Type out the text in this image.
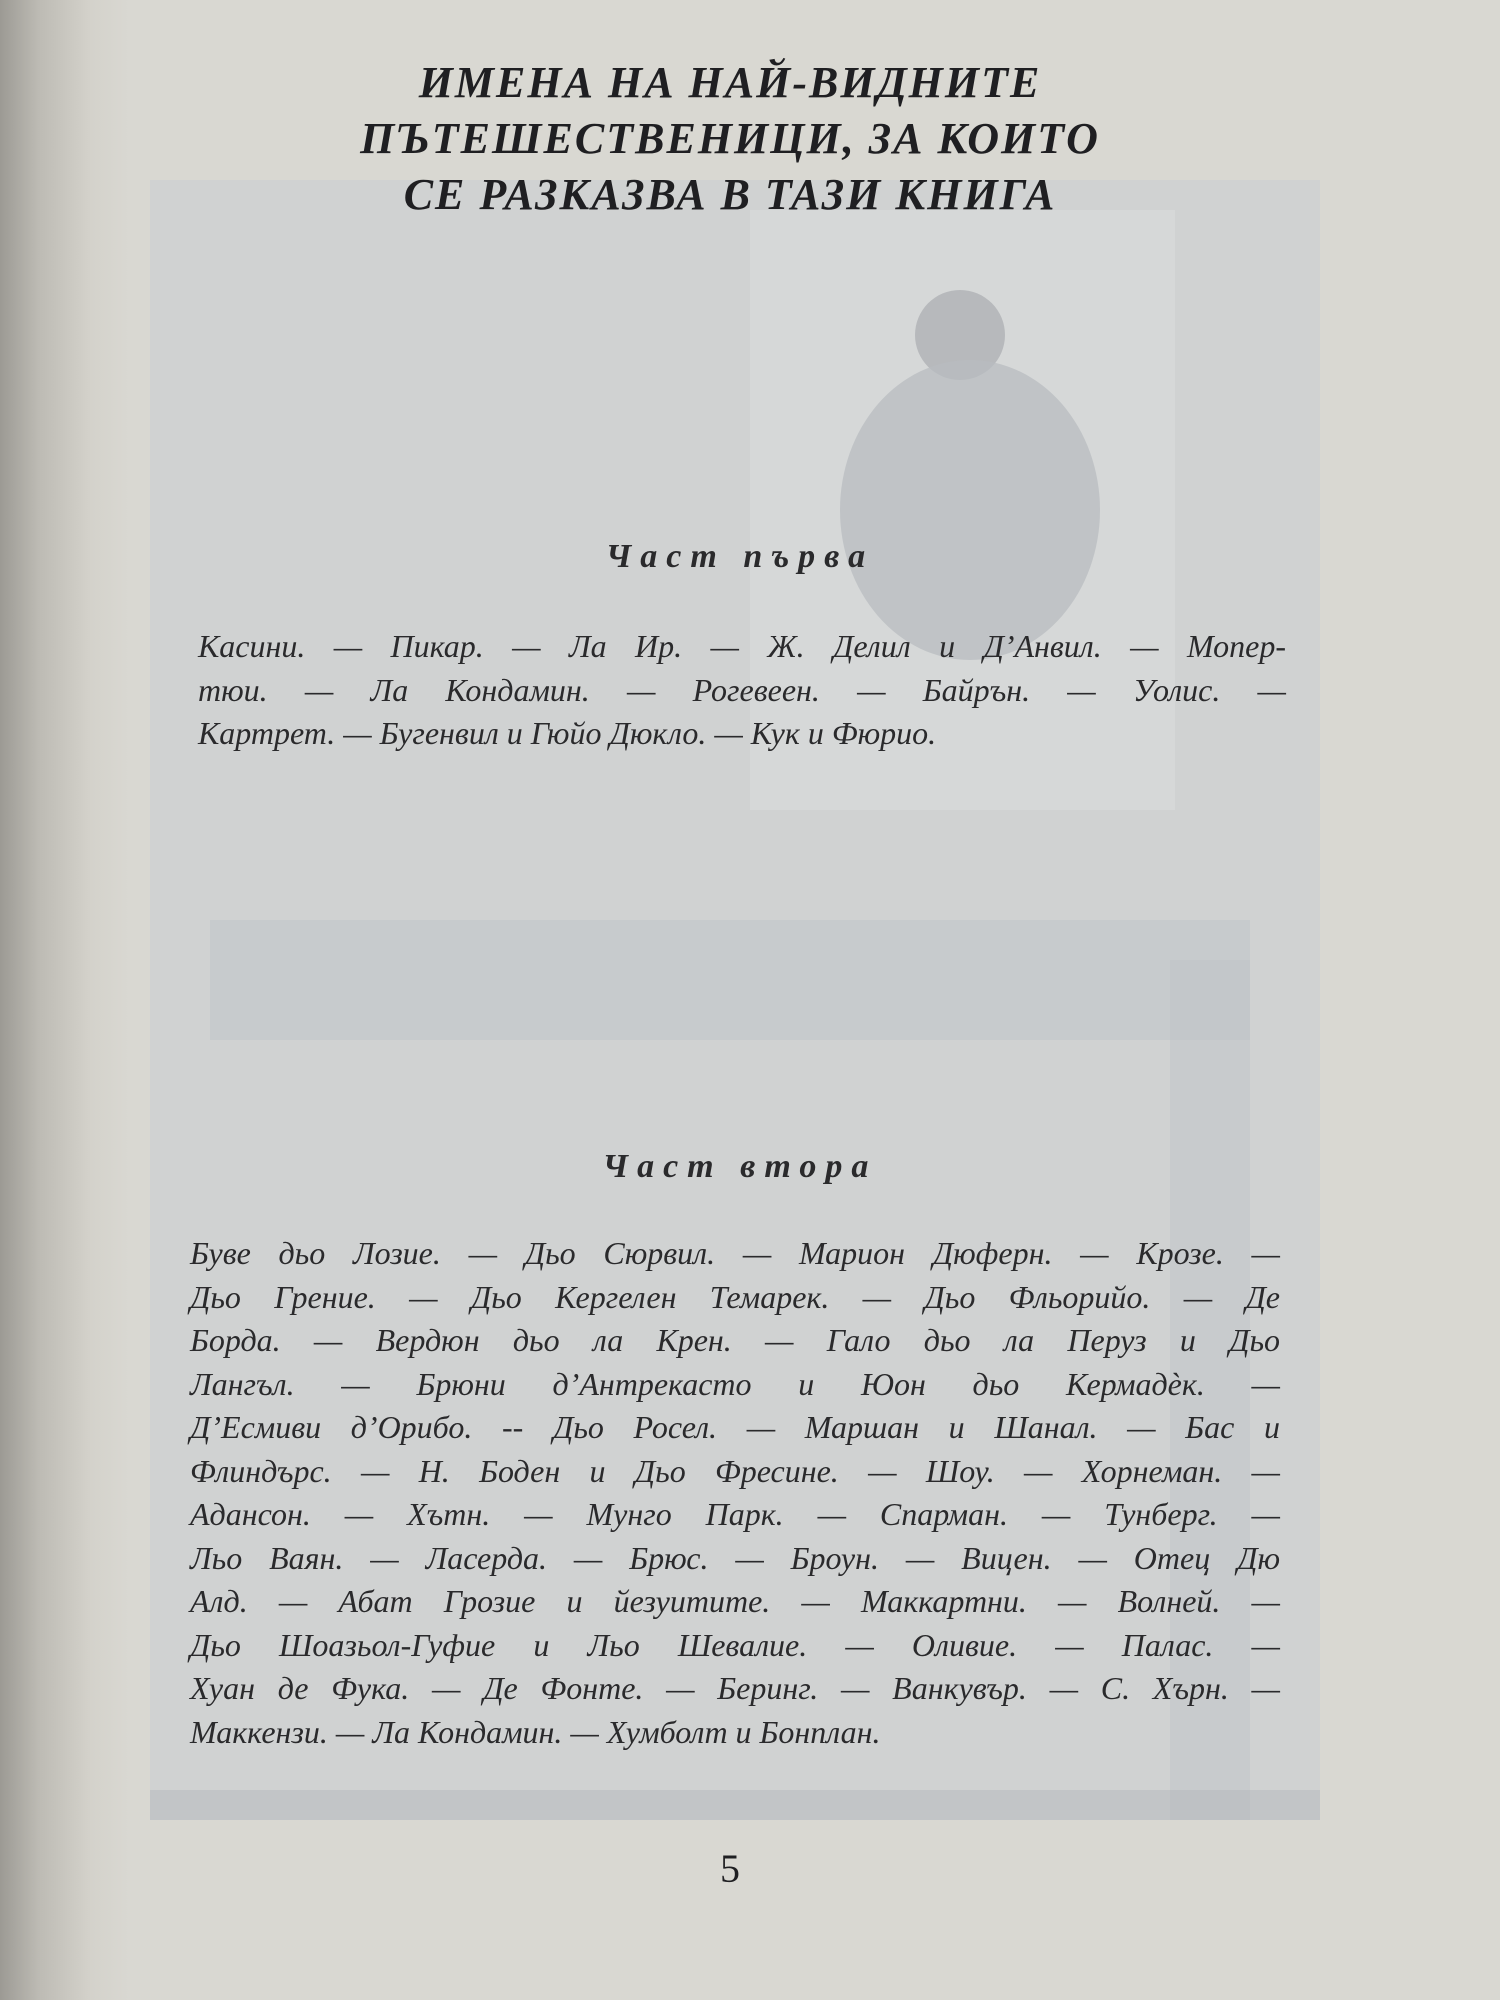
ИМЕНА НА НАЙ-ВИДНИТЕ
ПЪТЕШЕСТВЕНИЦИ, ЗА КОИТО
СЕ РАЗКАЗВА В ТАЗИ КНИГА
Част първа
Касини. — Пикар. — Ла Ир. — Ж. Делил и Д’Анвил. — Мопер-
тюи. — Ла Кондамин. — Рогевеен. — Байрън. — Уолис. —
Картрет. — Бугенвил и Гюйо Дюкло. — Кук и Фюрио.
Част втора
Буве дьо Лозие. — Дьо Сюрвил. — Марион Дюферн. — Крозе. —
Дьо Грение. — Дьо Кергелен Темарек. — Дьо Фльорийо. — Де
Борда. — Вердюн дьо ла Крен. — Гало дьо ла Перуз и Дьо
Лангъл. — Брюни д’Антрекасто и Юон дьо Кермадѐк. —
Д’Есмиви д’Орибо. -- Дьо Росел. — Маршан и Шанал. — Бас и
Флиндърс. — Н. Боден и Дьо Фресине. — Шоу. — Хорнеман. —
Адансон. — Хътн. — Мунго Парк. — Спарман. — Тунберг. —
Льо Ваян. — Ласерда. — Брюс. — Броун. — Вицен. — Отец Дю
Алд. — Абат Грозие и йезуитите. — Маккартни. — Волней. —
Дьо Шоазьол-Гуфие и Льо Шевалие. — Оливие. — Палас. —
Хуан де Фука. — Де Фонте. — Беринг. — Ванкувър. — С. Хърн. —
Маккензи. — Ла Кондамин. — Хумболт и Бонплан.
5
